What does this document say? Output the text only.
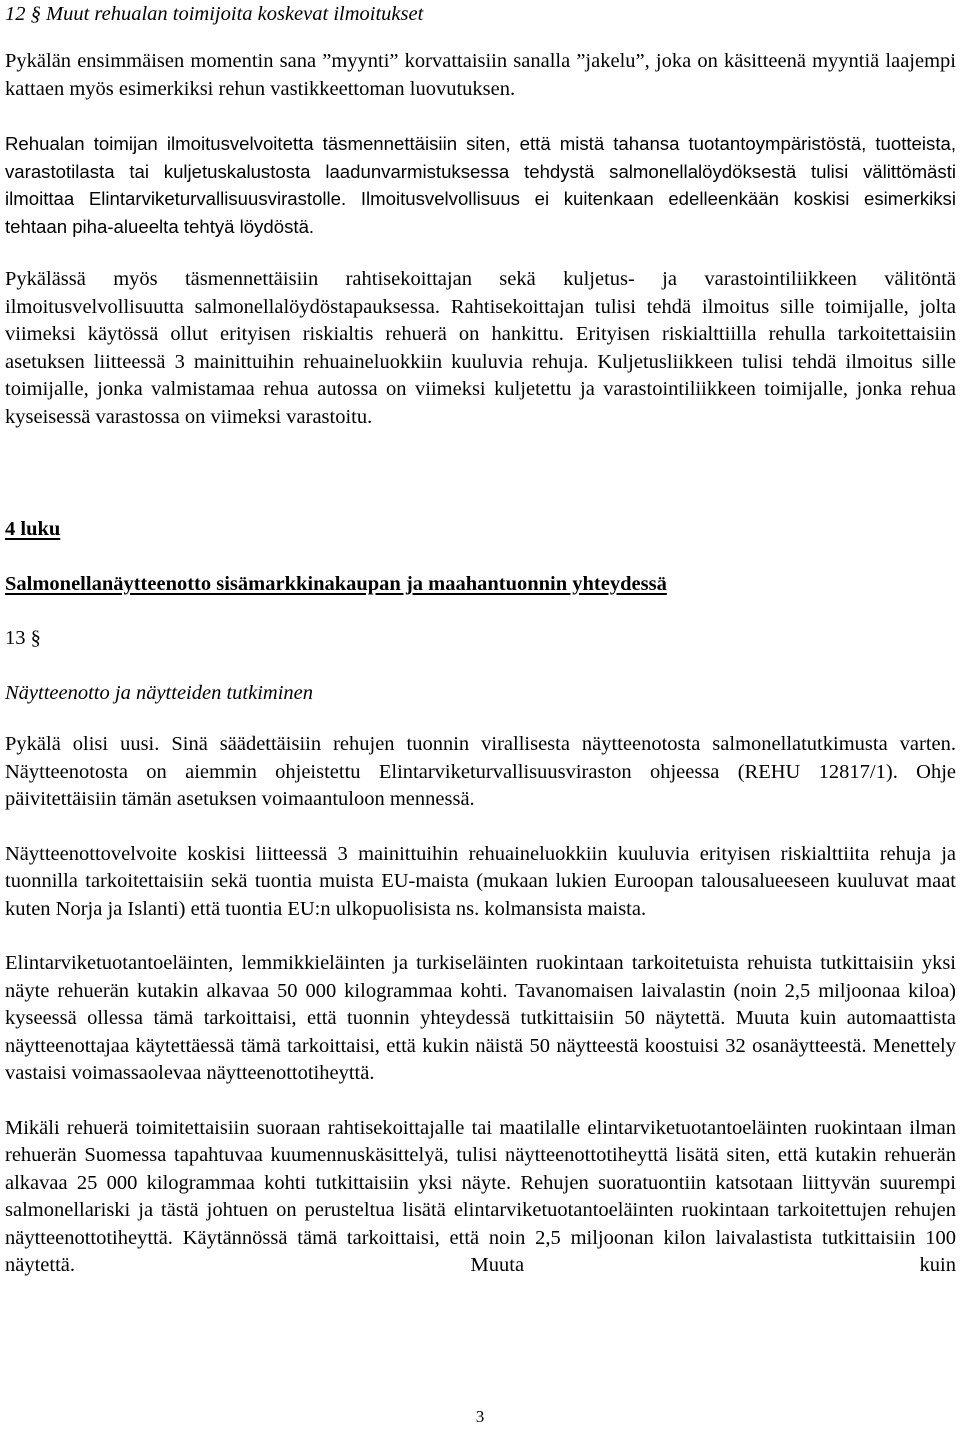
12 § Muut rehualan toimijoita koskevat ilmoitukset

Pykälän ensimmäisen momentin sana ”myynti” korvattaisiin sanalla ”jakelu”, joka on käsitteenä myyntiä laajempi kattaen myös esimerkiksi rehun vastikkeettoman luovutuksen.

Rehualan toimijan ilmoitusvelvoitetta täsmennettäisiin siten, että mistä tahansa tuotantoympäristöstä, tuotteista, varastotilasta tai kuljetuskalustosta laadunvarmistuksessa tehdystä salmonellalöydöksestä tulisi välittömästi ilmoittaa Elintarviketurvallisuusvirastolle. Ilmoitusvelvollisuus ei kuitenkaan edelleenkään koskisi esimerkiksi tehtaan piha-alueelta tehtyä löydöstä.

Pykälässä myös täsmennettäisiin rahtisekoittajan sekä kuljetus- ja varastointiliikkeen välitöntä ilmoitusvelvollisuutta salmonellalöydöstapauksessa. Rahtisekoittajan tulisi tehdä ilmoitus sille toimijalle, jolta viimeksi käytössä ollut erityisen riskialtis rehuerä on hankittu. Erityisen riskialttiilla rehulla tarkoitettaisiin asetuksen liitteessä 3 mainittuihin rehuaineluokkiin kuuluvia rehuja. Kuljetusliikkeen tulisi tehdä ilmoitus sille toimijalle, jonka valmistamaa rehua autossa on viimeksi kuljetettu ja varastointiliikkeen toimijalle, jonka rehua kyseisessä varastossa on viimeksi varastoitu.

4 luku

Salmonellanäytteenotto sisämarkkinakaupan ja maahantuonnin yhteydessä

13 §

Näytteenotto ja näytteiden tutkiminen

Pykälä olisi uusi. Sinä säädettäisiin rehujen tuonnin virallisesta näytteenotosta salmonellatutkimusta varten. Näytteenotosta on aiemmin ohjeistettu Elintarviketurvallisuusviraston ohjeessa (REHU 12817/1). Ohje päivitettäisiin tämän asetuksen voimaantuloon mennessä.

Näytteenottovelvoite koskisi liitteessä 3 mainittuihin rehuaineluokkiin kuuluvia erityisen riskialttiita rehuja ja tuonnilla tarkoitettaisiin sekä tuontia muista EU-maista (mukaan lukien Euroopan talousalueeseen kuuluvat maat kuten Norja ja Islanti) että tuontia EU:n ulkopuolisista ns. kolmansista maista.

Elintarviketuotantoeläinten, lemmikkieläinten ja turkiseläinten ruokintaan tarkoitetuista rehuista tutkittaisiin yksi näyte rehuerän kutakin alkavaa 50 000 kilogrammaa kohti. Tavanomaisen laivalastin (noin 2,5 miljoonaa kiloa) kyseessä ollessa tämä tarkoittaisi, että tuonnin yhteydessä tutkittaisiin 50 näytettä. Muuta kuin automaattista näytteenottajaa käytettäessä tämä tarkoittaisi, että kukin näistä 50 näytteestä koostuisi 32 osanäytteestä. Menettely vastaisi voimassaolevaa näytteenottotiheyttä.

Mikäli rehuerä toimitettaisiin suoraan rahtisekoittajalle tai maatilalle elintarviketuotantoeläinten ruokintaan ilman rehuerän Suomessa tapahtuvaa kuumennuskäsittelyä, tulisi näytteenottotiheyttä lisätä siten, että kutakin rehuerän alkavaa 25 000 kilogrammaa kohti tutkittaisiin yksi näyte. Rehujen suoratuontiin katsotaan liittyvän suurempi salmonellariski ja tästä johtuen on perusteltua lisätä elintarviketuotantoeläinten ruokintaan tarkoitettujen rehujen näytteenottotiheyttä. Käytännössä tämä tarkoittaisi, että noin 2,5 miljoonan kilon laivalastista tutkittaisiin 100 näytettä. Muuta kuin

3
